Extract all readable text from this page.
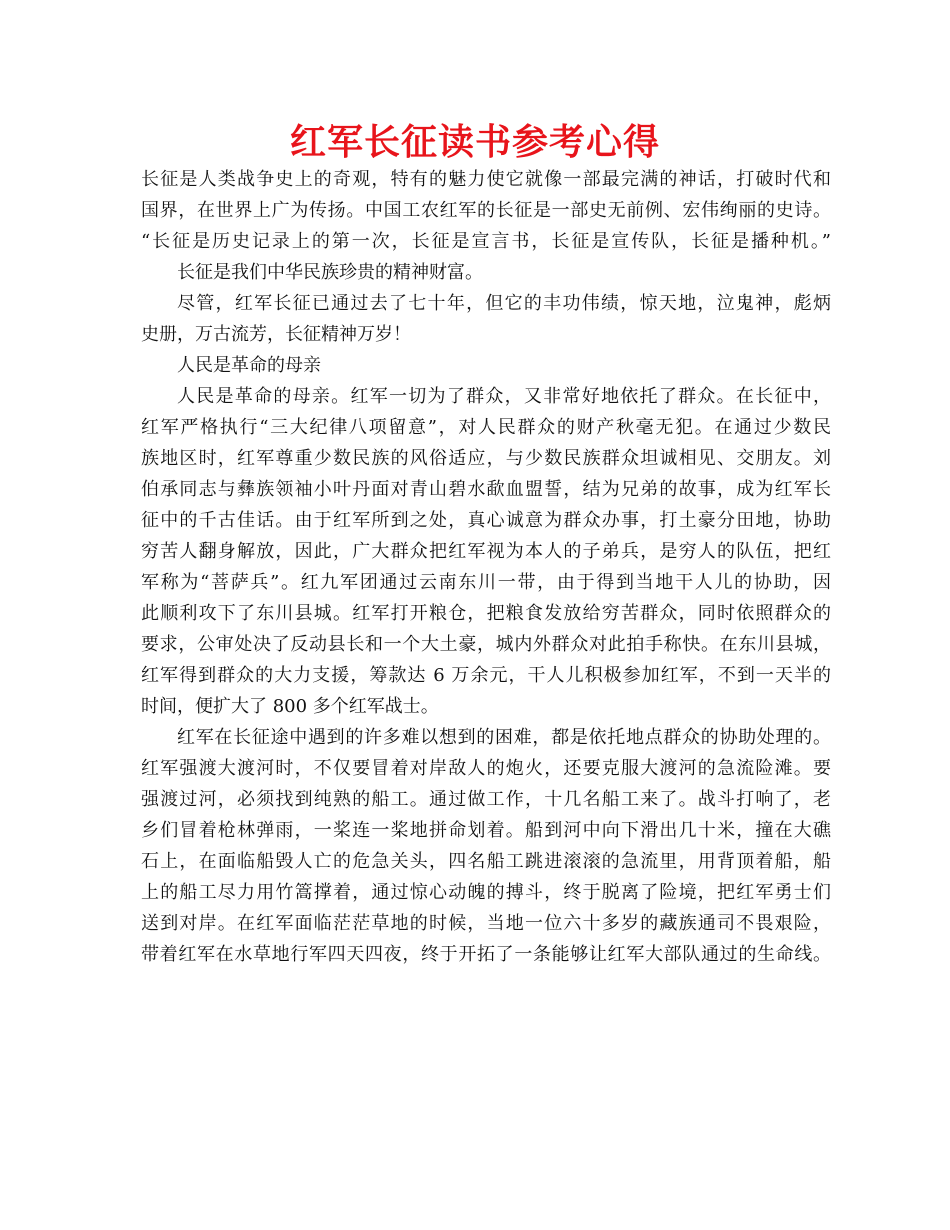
红军长征读书参考心得
长征是人类战争史上的奇观，特有的魅力使它就像一部最完满的神话，打破时代和
国界，在世界上广为传扬。中国工农红军的长征是一部史无前例、宏伟绚丽的史诗。
“长征是历史记录上的第一次，长征是宣言书，长征是宣传队，长征是播种机。”
长征是我们中华民族珍贵的精神财富。
尽管，红军长征已通过去了七十年，但它的丰功伟绩，惊天地，泣鬼神，彪炳
史册，万古流芳，长征精神万岁！
人民是革命的母亲
人民是革命的母亲。红军一切为了群众，又非常好地依托了群众。在长征中，
红军严格执行“三大纪律八项留意”，对人民群众的财产秋毫无犯。在通过少数民
族地区时，红军尊重少数民族的风俗适应，与少数民族群众坦诚相见、交朋友。刘
伯承同志与彝族领袖小叶丹面对青山碧水歃血盟誓，结为兄弟的故事，成为红军长
征中的千古佳话。由于红军所到之处，真心诚意为群众办事，打土豪分田地，协助
穷苦人翻身解放，因此，广大群众把红军视为本人的子弟兵，是穷人的队伍，把红
军称为“菩萨兵”。红九军团通过云南东川一带，由于得到当地干人儿的协助，因
此顺利攻下了东川县城。红军打开粮仓，把粮食发放给穷苦群众，同时依照群众的
要求，公审处决了反动县长和一个大土豪，城内外群众对此拍手称快。在东川县城，
红军得到群众的大力支援，筹款达 6 万余元，干人儿积极参加红军，不到一天半的
时间，便扩大了 800 多个红军战士。
红军在长征途中遇到的许多难以想到的困难，都是依托地点群众的协助处理的。
红军强渡大渡河时，不仅要冒着对岸敌人的炮火，还要克服大渡河的急流险滩。要
强渡过河，必须找到纯熟的船工。通过做工作，十几名船工来了。战斗打响了，老
乡们冒着枪林弹雨，一桨连一桨地拼命划着。船到河中向下滑出几十米，撞在大礁
石上，在面临船毁人亡的危急关头，四名船工跳进滚滚的急流里，用背顶着船，船
上的船工尽力用竹篙撑着，通过惊心动魄的搏斗，终于脱离了险境，把红军勇士们
送到对岸。在红军面临茫茫草地的时候，当地一位六十多岁的藏族通司不畏艰险，
带着红军在水草地行军四天四夜，终于开拓了一条能够让红军大部队通过的生命线。
